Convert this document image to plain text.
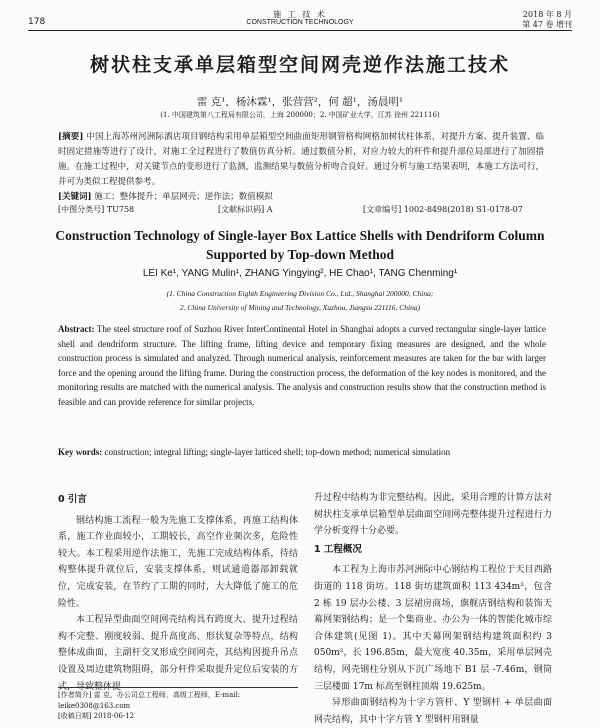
178
施 工 技 术
CONSTRUCTION TECHNOLOGY
2018 年 8 月
第 47 卷 增刊
树状柱支承单层箱型空间网壳逆作法施工技术
雷 克¹，杨沐霖¹，张营营²，何 超¹，汤晨明¹
(1. 中国建筑第八工程局有限公司，上海 200000；2. 中国矿业大学，江苏 徐州 221116)
[摘要] 中国上海苏州河洲际酒店项目钢结构采用单层箱型空间曲面矩形钢管格构网格加树状柱体系，对提升方案、提升装置、临时固定措施等进行了设计，对施工全过程进行了数值仿真分析。通过数值分析，对应力较大的杆件和提升部位局部进行了加固措施。在施工过程中，对关键节点的变形进行了监测，监测结果与数值分析吻合良好。通过分析与施工结果表明，本施工方法可行，并可为类似工程提供参考。
[关键词] 施工；整体提升；单层网壳；逆作法；数值模拟
[中图分类号] TU758	[文献标识码] A	[文章编号] 1002-8498(2018) S1-0178-07
Construction Technology of Single-layer Box Lattice Shells with Dendriform Column Supported by Top-down Method
LEI Ke¹, YANG Mulin¹, ZHANG Yingying², HE Chao¹, TANG Chenming¹
(1. China Construction Eighth Engineering Division Co., Ltd., Shanghai 200000, China;
2. China University of Mining and Technology, Xuzhou, Jiangsu 221116, China)
Abstract: The steel structure roof of Suzhou River InterContinental Hotel in Shanghai adopts a curved rectangular single-layer lattice shell and dendriform structure. The lifting frame, lifting device and temporary fixing measures are designed, and the whole construction process is simulated and analyzed. Through numerical analysis, reinforcement measures are taken for the bar with larger force and the opening around the lifting frame. During the construction process, the deformation of the key nodes is monitored, and the monitoring results are matched with the numerical analysis. The analysis and construction results show that the construction method is feasible and can provide reference for similar projects.
Key words: construction; integral lifting; single-layer latticed shell; top-down method; numerical simulation
0 引言

钢结构施工流程一般为先施工支撑体系，再施工结构体系，施工作业面较小，工期较长，高空作业频次多，危险性较大。本工程采用逆作法施工，先施工完成结构体系，待结构整体提升就位后，安装支撑体系，则试通道器部卸载就位，完成安装，在节约了工期的同时，大大降低了施工的危险性。

本工程异型曲面空间网壳结构具有跨度大、提升过程结构不完整、刚度较弱、提升高度高、形状复杂等特点，结构整体成曲面，主副杆交叉形成空间网壳，其结构因提升吊点设置及周边建筑物阻碍，部分杆件采取提升定位后安装的方式，导致整体提

升过程中结构为非完整结构。因此，采用合理的计算方法对树状柱支承单层箱型单层曲面空间网壳整体提升过程进行力学分析变得十分必要。

1 工程概况

本工程为上海市苏河洲际中心钢结构工程位于天目西路街道的 118 街坊。118 街坊建筑面积 113 434m²，包含 2 栋 19 层办公楼、3 层裙房商场，旗舰店钢结构和装饰天幕网架钢结构；是一个集商业、办公为一体的智能化城市综合体建筑(见图 1)。其中天幕网架钢结构建筑面积约 3 050m²，长 196.85m，最大宽度 40.35m，采用单层网壳结构，网壳钢柱分别从下沉广场地下 B1 层 -7.46m，钢筒三层楼面 17m 标高至钢柱顶端 19.625m。

异形曲面钢结构为十字方管杆、Y 型钢杆 + 单层曲面网壳结构，其中十字方管 Y 型钢杆用钢量

[作者简介] 雷 克，办公司总工程师，高级工程师，E-mail: leike0308@163.com
[收稿日期] 2018-06-12
